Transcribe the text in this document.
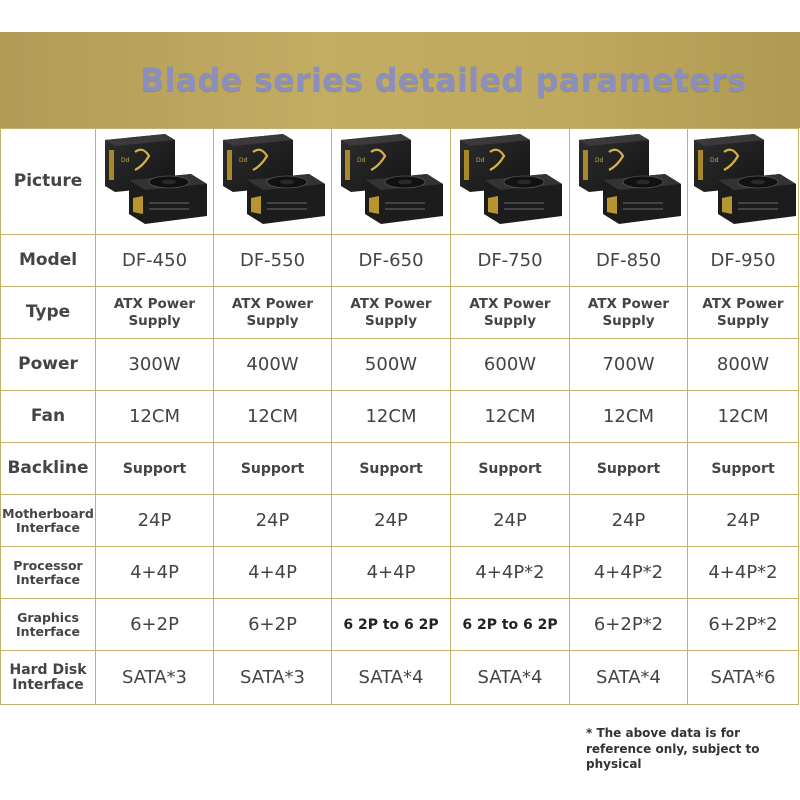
Blade series detailed parameters
Picture	Dd	Dd	Dd	Dd	Dd	Dd

Model	DF-450	DF-550	DF-650	DF-750	DF-850	DF-950
Type	ATX Power Supply	ATX Power Supply	ATX Power Supply	ATX Power Supply	ATX Power Supply	ATX Power Supply
Power	300W	400W	500W	600W	700W	800W
Fan	12CM	12CM	12CM	12CM	12CM	12CM
Backline	Support	Support	Support	Support	Support	Support
Motherboard
Interface	24P	24P	24P	24P	24P	24P
Processor
Interface	4+4P	4+4P	4+4P	4+4P*2	4+4P*2	4+4P*2
Graphics
Interface	6+2P	6+2P	6 2P to 6 2P	6 2P to 6 2P	6+2P*2	6+2P*2
Hard Disk
Interface	SATA*3	SATA*3	SATA*4	SATA*4	SATA*4	SATA*6
* The above data is for reference only, subject to physical
